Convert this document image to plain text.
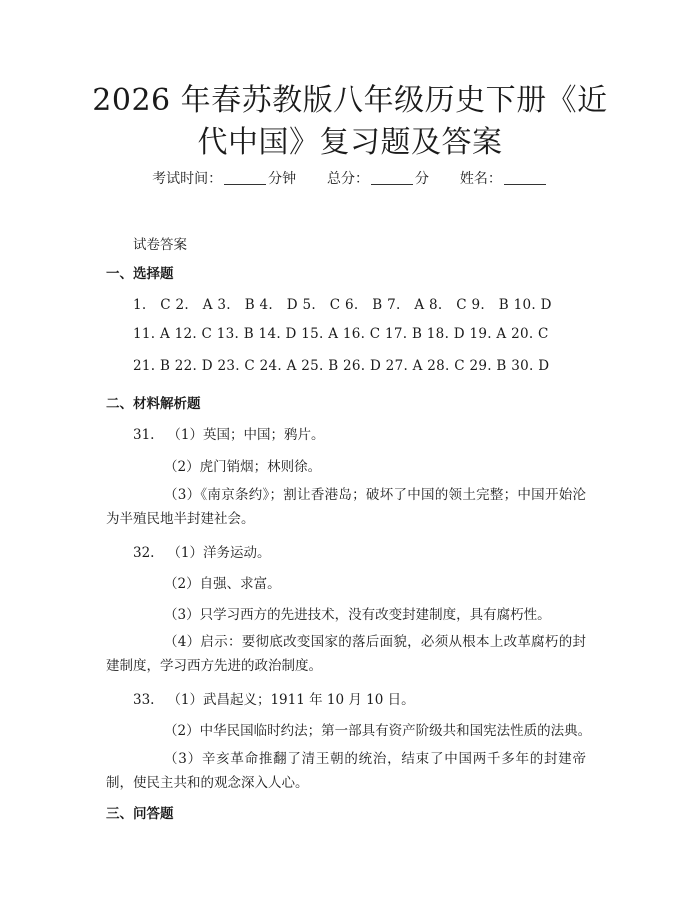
2026 年春苏教版八年级历史下册《近代中国》复习题及答案
考试时间：	分钟 总分：	分 姓名：
试卷答案
一、选择题
1.　C 2.　A 3.　B 4.　D 5.　C 6.　B 7.　A 8.　C 9.　B 10. D
11. A 12. C 13. B 14. D 15. A 16. C 17. B 18. D 19. A 20. C
21. B 22. D 23. C 24. A 25. B 26. D 27. A 28. C 29. B 30. D
二、材料解析题
31. （1）英国；中国；鸦片。
（2）虎门销烟；林则徐。
（3）《南京条约》；割让香港岛；破坏了中国的领土完整；中国开始沦为半殖民地半封建社会。
32. （1）洋务运动。
（2）自强、求富。
（3）只学习西方的先进技术，没有改变封建制度，具有腐朽性。
（4）启示：要彻底改变国家的落后面貌，必须从根本上改革腐朽的封建制度，学习西方先进的政治制度。
33. （1）武昌起义；1911 年 10 月 10 日。
（2）中华民国临时约法；第一部具有资产阶级共和国宪法性质的法典。
（3）辛亥革命推翻了清王朝的统治，结束了中国两千多年的封建帝制，使民主共和的观念深入人心。
三、问答题
